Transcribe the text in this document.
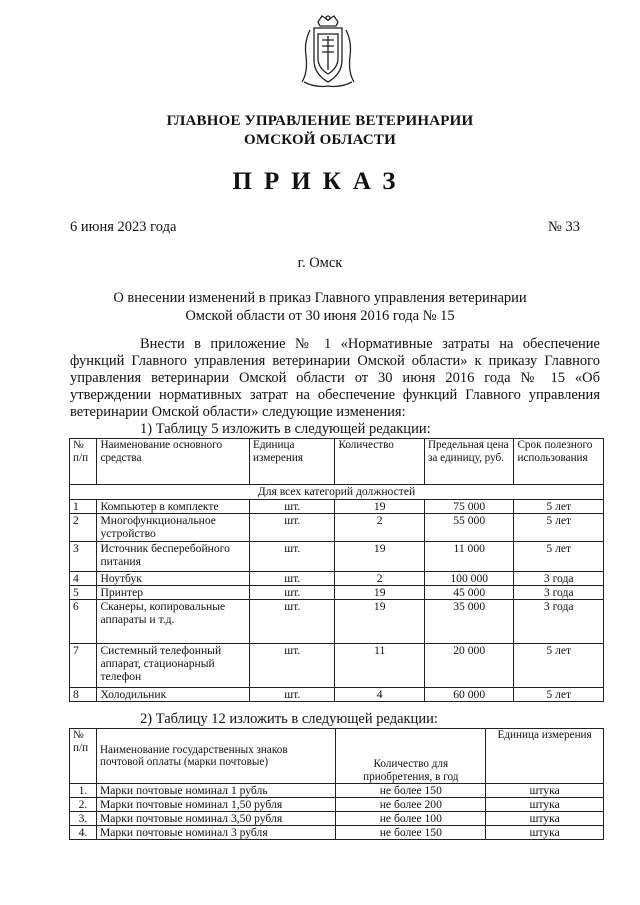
ГЛАВНОЕ УПРАВЛЕНИЕ ВЕТЕРИНАРИИ
ОМСКОЙ ОБЛАСТИ
ПРИКАЗ
6 июня 2023 года	№ 33
г. Омск
О внесении изменений в приказ Главного управления ветеринарии
Омской области от 30 июня 2016 года № 15

Внести в приложение № 1 «Нормативные затраты на обеспечение функций Главного управления ветеринарии Омской области» к приказу Главного управления ветеринарии Омской области от 30 июня 2016 года № 15 «Об утверждении нормативных затрат на обеспечение функций Главного управления ветеринарии Омской области» следующие изменения:

1) Таблицу 5 изложить в следующей редакции:

№ п/п	Наименование основного средства	Единица измерения	Количество	Предельная цена за единицу, руб.	Срок полезного использования
Для всех категорий должностей					
1	Компьютер в комплекте	шт.	19	75 000	5 лет
2	Многофункциональное устройство	шт.	2	55 000	5 лет
3	Источник бесперебойного питания	шт.	19	11 000	5 лет
4	Ноутбук	шт.	2	100 000	3 года
5	Принтер	шт.	19	45 000	3 года
6	Сканеры, копировальные аппараты и т.д.	шт.	19	35 000	3 года
7	Системный телефонный аппарат, стационарный телефон	шт.	11	20 000	5 лет
8	Холодильник	шт.	4	60 000	5 лет
2) Таблицу 12 изложить в следующей редакции:
№ п/п	Наименование государственных знаков почтовой оплаты (марки почтовые)	Количество для приобретения, в год	Единица измерения
1.	Марки почтовые номинал 1 рубль	не более 150	штука
2.	Марки почтовые номинал 1,50 рубля	не более 200	штука
3.	Марки почтовые номинал 3,50 рубля	не более 100	штука
4.	Марки почтовые номинал 3 рубля	не более 150	штука
